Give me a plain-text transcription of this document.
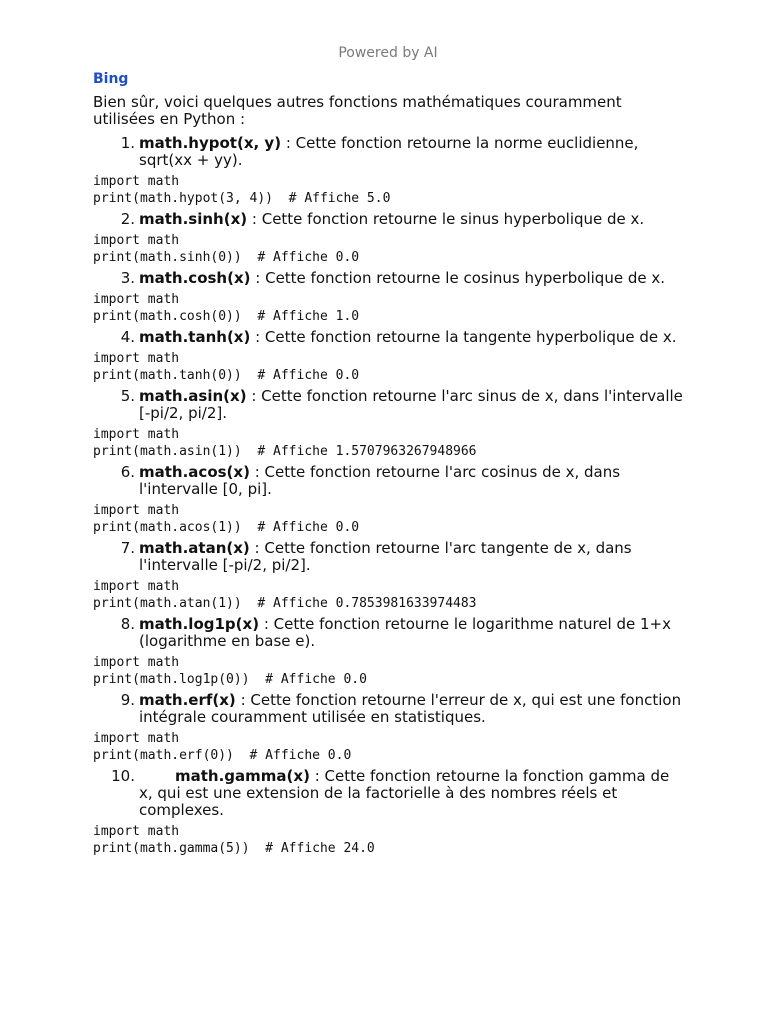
Powered by AI
Bing
Bien sûr, voici quelques autres fonctions mathématiques couramment utilisées en Python :
1. math.hypot(x, y) : Cette fonction retourne la norme euclidienne, sqrt(xx + yy).
import math
print(math.hypot(3, 4))  # Affiche 5.0
2. math.sinh(x) : Cette fonction retourne le sinus hyperbolique de x.
import math
print(math.sinh(0))  # Affiche 0.0
3. math.cosh(x) : Cette fonction retourne le cosinus hyperbolique de x.
import math
print(math.cosh(0))  # Affiche 1.0
4. math.tanh(x) : Cette fonction retourne la tangente hyperbolique de x.
import math
print(math.tanh(0))  # Affiche 0.0
5. math.asin(x) : Cette fonction retourne l'arc sinus de x, dans l'intervalle [-pi/2, pi/2].
import math
print(math.asin(1))  # Affiche 1.5707963267948966
6. math.acos(x) : Cette fonction retourne l'arc cosinus de x, dans l'intervalle [0, pi].
import math
print(math.acos(1))  # Affiche 0.0
7. math.atan(x) : Cette fonction retourne l'arc tangente de x, dans l'intervalle [-pi/2, pi/2].
import math
print(math.atan(1))  # Affiche 0.7853981633974483
8. math.log1p(x) : Cette fonction retourne le logarithme naturel de 1+x (logarithme en base e).
import math
print(math.log1p(0))  # Affiche 0.0
9. math.erf(x) : Cette fonction retourne l'erreur de x, qui est une fonction intégrale couramment utilisée en statistiques.
import math
print(math.erf(0))  # Affiche 0.0
10.	math.gamma(x) : Cette fonction retourne la fonction gamma de x, qui est une extension de la factorielle à des nombres réels et complexes.
import math
print(math.gamma(5))  # Affiche 24.0
